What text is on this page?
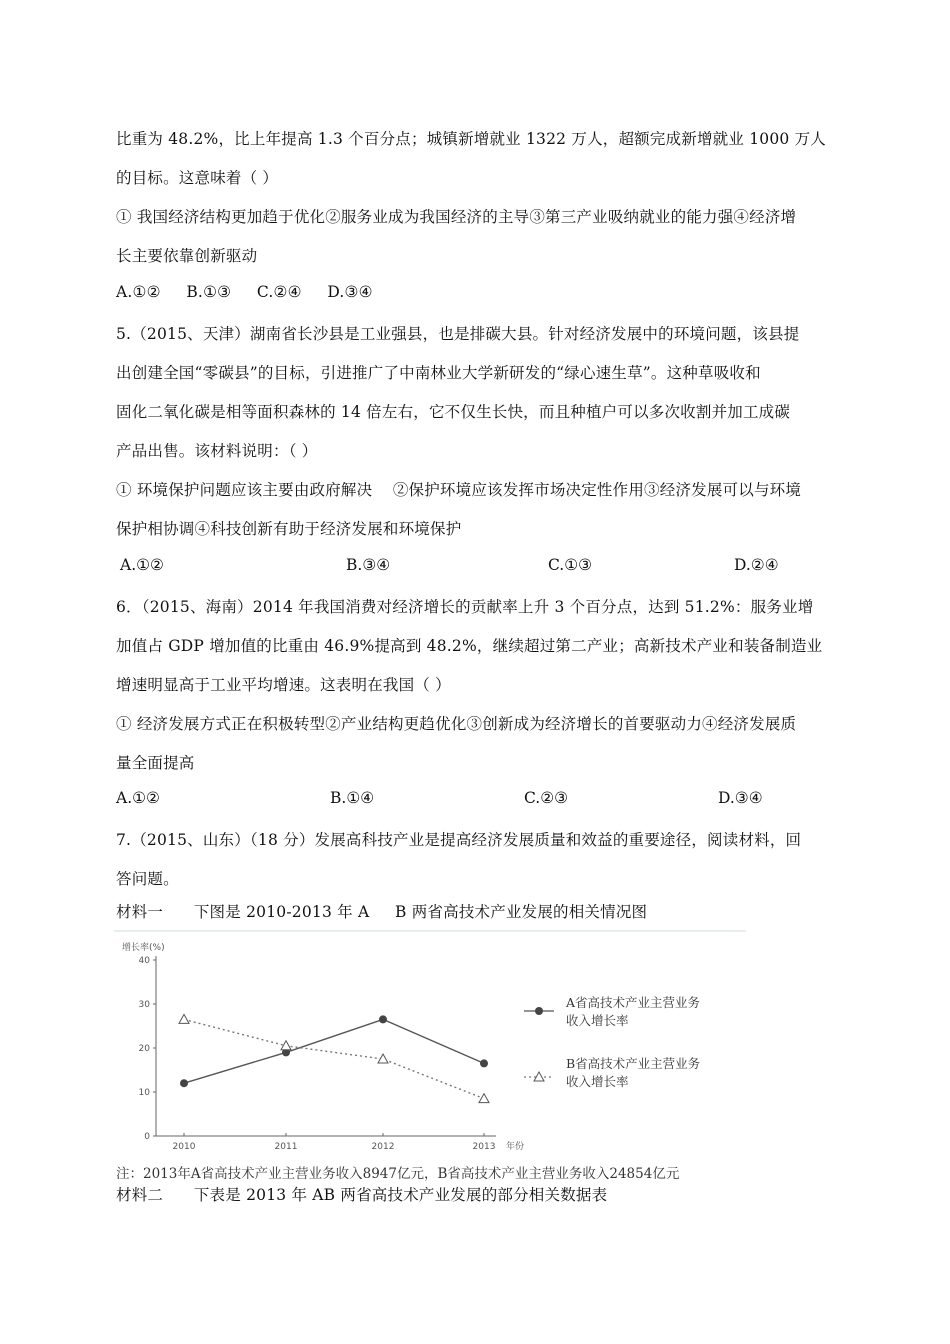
比重为 48.2%，比上年提高 1.3 个百分点；城镇新增就业 1322 万人，超额完成新增就业 1000 万人
的目标。这意味着（ ）
① 我国经济结构更加趋于优化②服务业成为我国经济的主导③第三产业吸纳就业的能力强④经济增
长主要依靠创新驱动
A.①②     B.①③     C.②④     D.③④
5.（2015、天津）湖南省长沙县是工业强县，也是排碳大县。针对经济发展中的环境问题，该县提
出创建全国“零碳县”的目标，引进推广了中南林业大学新研发的“绿心速生草”。这种草吸收和
固化二氧化碳是相等面积森林的 14 倍左右，它不仅生长快，而且种植户可以多次收割并加工成碳
产品出售。该材料说明：（ ）
① 环境保护问题应该主要由政府解决    ②保护环境应该发挥市场决定性作用③经济发展可以与环境
保护相协调④科技创新有助于经济发展和环境保护
A.①②	B.③④	C.①③	D.②④
6．（2015、海南）2014 年我国消费对经济增长的贡献率上升 3 个百分点，达到 51.2%：服务业增
加值占 GDP 增加值的比重由 46.9%提高到 48.2%，继续超过第二产业；高新技术产业和装备制造业
增速明显高于工业平均增速。这表明在我国（ ）
① 经济发展方式正在积极转型②产业结构更趋优化③创新成为经济增长的首要驱动力④经济发展质
量全面提高
A.①②	B.①④	C.②③	D.③④
7.（2015、山东）（18 分）发展高科技产业是提高经济发展质量和效益的重要途径，阅读材料，回
答问题。
材料一      下图是 2010-2013 年 A     B 两省高技术产业发展的相关情况图
增长率(%)
0
10
20
30
40
2010	2011	2012	2013 年份
A省高技术产业主营业务
收入增长率
B省高技术产业主营业务
收入增长率
注：2013年A省高技术产业主营业务收入8947亿元，B省高技术产业主营业务收入24854亿元
材料二      下表是 2013 年 AB 两省高技术产业发展的部分相关数据表
